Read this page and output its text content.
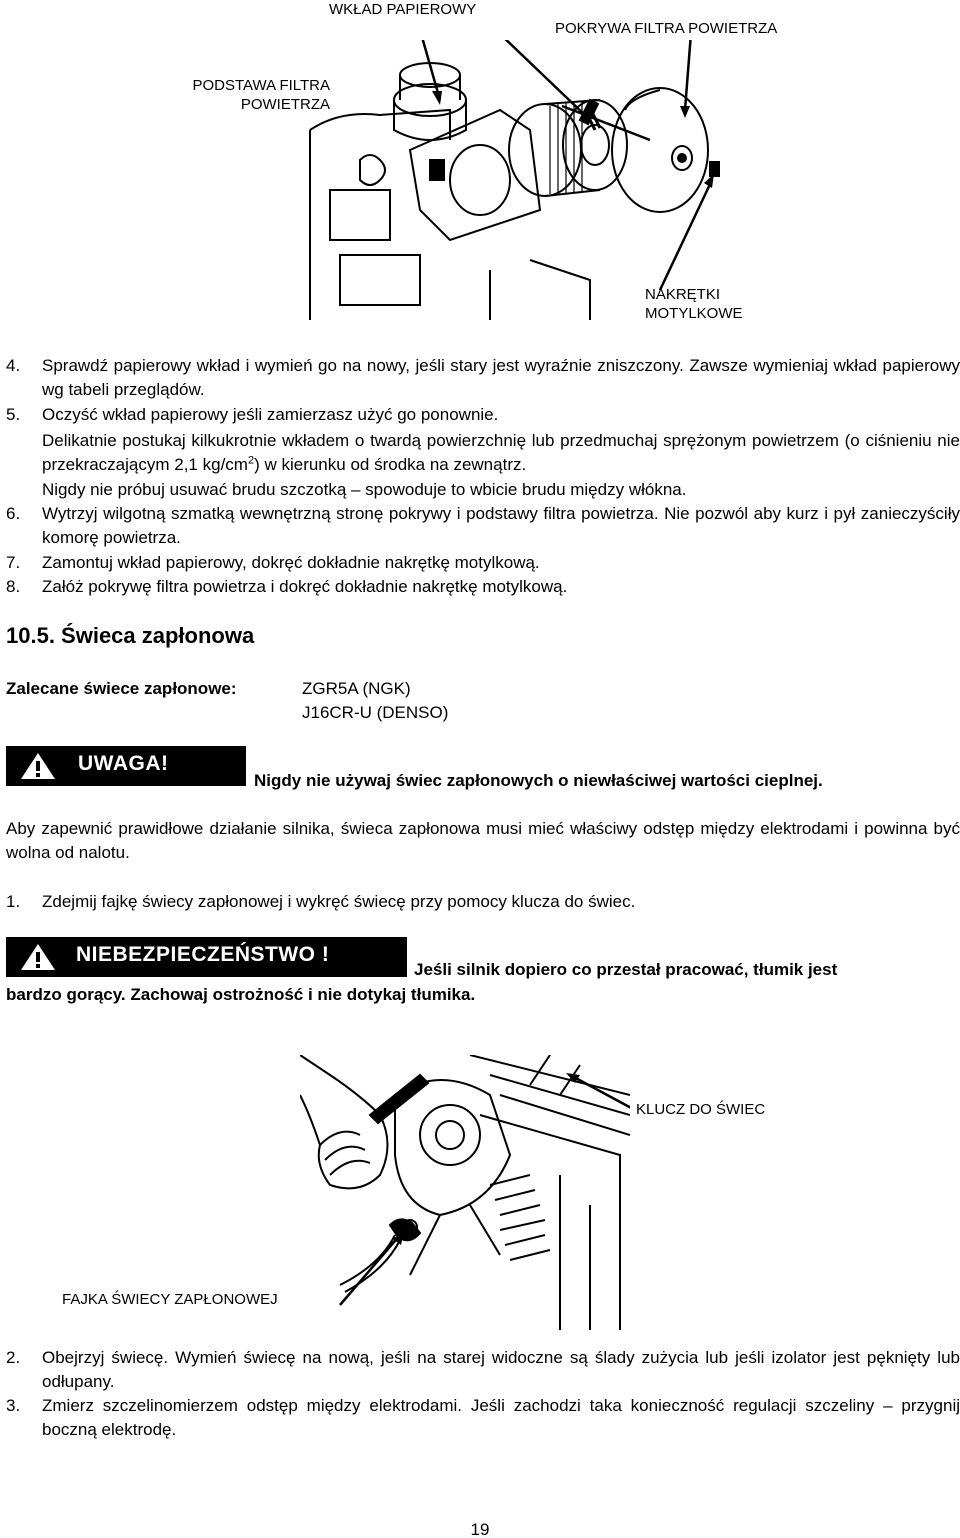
WKŁAD PAPIEROWY
POKRYWA FILTRA POWIETRZA
PODSTAWA FILTRA
POWIETRZA
NAKRĘTKI
MOTYLKOWE
4. Sprawdź papierowy wkład i wymień go na nowy, jeśli stary jest wyraźnie zniszczony. Zawsze wymieniaj wkład papierowy wg tabeli przeglądów.
5. Oczyść wkład papierowy jeśli zamierzasz użyć go ponownie.
Delikatnie postukaj kilkukrotnie wkładem o twardą powierzchnię lub przedmuchaj sprężonym powietrzem (o ciśnieniu nie przekraczającym 2,1 $kg/cm^2$) w kierunku od środka na zewnątrz.
Nigdy nie próbuj usuwać brudu szczotką – spowoduje to wbicie brudu między włókna.
6. Wytrzyj wilgotną szmatką wewnętrzną stronę pokrywy i podstawy filtra powietrza. Nie pozwól aby kurz i pył zanieczyściły komorę powietrza.
7. Zamontuj wkład papierowy, dokręć dokładnie nakrętkę motylkową.
8. Załóż pokrywę filtra powietrza i dokręć dokładnie nakrętkę motylkową.
10.5. Świeca zapłonowa
Zalecane świece zapłonowe:	ZGR5A (NGK)
J16CR-U (DENSO)
UWAGA!
Nigdy nie używaj świec zapłonowych o niewłaściwej wartości cieplnej.
Aby zapewnić prawidłowe działanie silnika, świeca zapłonowa musi mieć właściwy odstęp między elektrodami i powinna być wolna od nalotu.
1. Zdejmij fajkę świecy zapłonowej i wykręć świecę przy pomocy klucza do świec.
NIEBEZPIECZEŃSTWO !
Jeśli silnik dopiero co przestał pracować, tłumik jest
bardzo gorący. Zachowaj ostrożność i nie dotykaj tłumika.
KLUCZ DO ŚWIEC
FAJKA ŚWIECY ZAPŁONOWEJ
2. Obejrzyj świecę. Wymień świecę na nową, jeśli na starej widoczne są ślady zużycia lub jeśli izolator jest pęknięty lub odłupany.
3. Zmierz szczelinomierzem odstęp między elektrodami. Jeśli zachodzi taka konieczność regulacji szczeliny – przygnij boczną elektrodę.
19
